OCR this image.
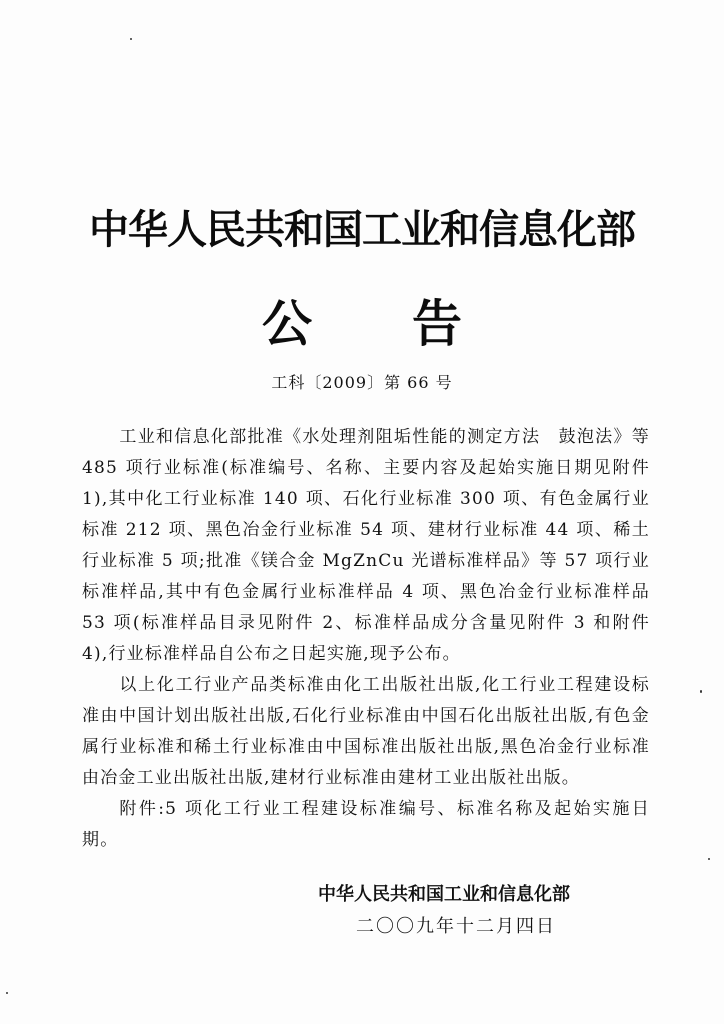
中华人民共和国工业和信息化部
公告
工科〔2009〕第 66 号

工业和信息化部批准《水处理剂阻垢性能的测定方法　鼓泡法》等 485 项行业标准(标准编号、名称、主要内容及起始实施日期见附件 1),其中化工行业标准 140 项、石化行业标准 300 项、有色金属行业标准 212 项、黑色冶金行业标准 54 项、建材行业标准 44 项、稀土行业标准 5 项;批准《镁合金 MgZnCu 光谱标准样品》等 57 项行业标准样品,其中有色金属行业标准样品 4 项、黑色冶金行业标准样品 53 项(标准样品目录见附件 2、标准样品成分含量见附件 3 和附件 4),行业标准样品自公布之日起实施,现予公布。

以上化工行业产品类标准由化工出版社出版,化工行业工程建设标准由中国计划出版社出版,石化行业标准由中国石化出版社出版,有色金属行业标准和稀土行业标准由中国标准出版社出版,黑色冶金行业标准由冶金工业出版社出版,建材行业标准由建材工业出版社出版。

附件:5 项化工行业工程建设标准编号、标准名称及起始实施日期。

中华人民共和国工业和信息化部
二〇〇九年十二月四日
